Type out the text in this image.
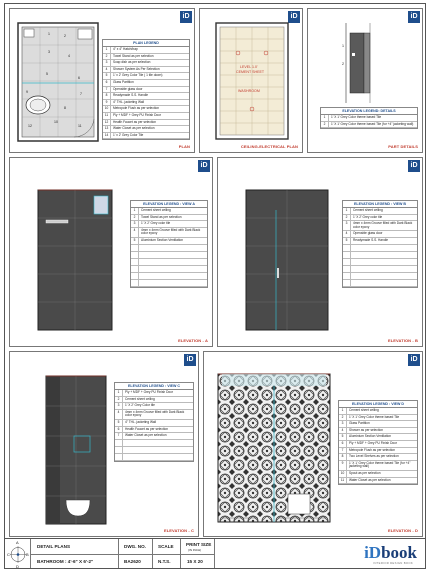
iD
1	2
3
4
5
6
7
8
9
10
11
12
PLAN LEGEND
1	4" x 4" Hatch/trap
2	Towel Stand as per selection
3	Soap dish as per selection
4	Shower System As Per Selection
5	1' x 2' Grey Color Tile ( 1 tile down)
6	Glass Partition
7	Openable glass door
8	Readymade S.S. Handle
9	4" THL. jacketing Wall
10	Metropole Flush as per selection
11	Ply + MDF + Grey PU Finish Door
12	Health Faucet as per selection
13	Water Closet as per selection
14	1' x 2' Grey Color Tile
PLAN
iD
LEVEL 1.0'
CEMENT SHEET
WASHROOM
CEILING-ELECTRICAL PLAN
iD
1
2
ELEVATION LEGEND: DETAILS
1	1' X 1' Grey Color theme based Tile
2	1' X 1' Grey Color theme based Tile (for +4" jacketing wall)
PART DETAILS
iD
ELEVATION LEGEND : VIEW A
1	Cement sheet ceiling
2	Towel Stand as per selection
3	1' X 2' Grey color tile
4	4mm x 4mm Groove filled with Dark Black color epoxy
5	Aluminium Section Ventilation
ELEVATION - A
iD
ELEVATION LEGEND : VIEW B
1	Cement sheet ceiling
2	1' X 2' Grey color tile
3	4mm x 4mm Groove filled with Dark Black color epoxy
4	Openable glass door
5	Readymade S.S. Handle
ELEVATION - B
iD
ELEVATION LEGEND : VIEW C
1	Ply + MDF + Grey PU Finish Door
2	Cement sheet ceiling
3	1' X 2' Grey Color tile
4	4mm x 4mm Groove filled with Dark Black color epoxy
5	4" THL. jacketing Wall
6	Health Faucet as per selection
7	Water Closet as per selection
ELEVATION - C
iD
ELEVATION LEGEND : VIEW D
1	Cement sheet ceiling
2	1' X 1' Grey Color theme based Tile
3	Glass Partition
4	Shower as per selection
5	Aluminium Section Ventilation
6	Ply + MDF + Grey PU Finish Door
7	Metropole Flush as per selection
8	Two Level Shelves as per selection
9	1' X 1' Grey Color theme based Tile (for +4" jacketing wall)
10	Spout as per selection
11	Water Closet as per selection
ELEVATION - D
A
B
C
D
DETAIL PLANS
BATHROOM : 4'-6" X 6'-2"
DWG. NO.
BA2620
SCALE
N.T.S.
PRINT SIZE
(IN INCH)
15 X 20	iDbook
INTERIOR DESIGN BOOK
